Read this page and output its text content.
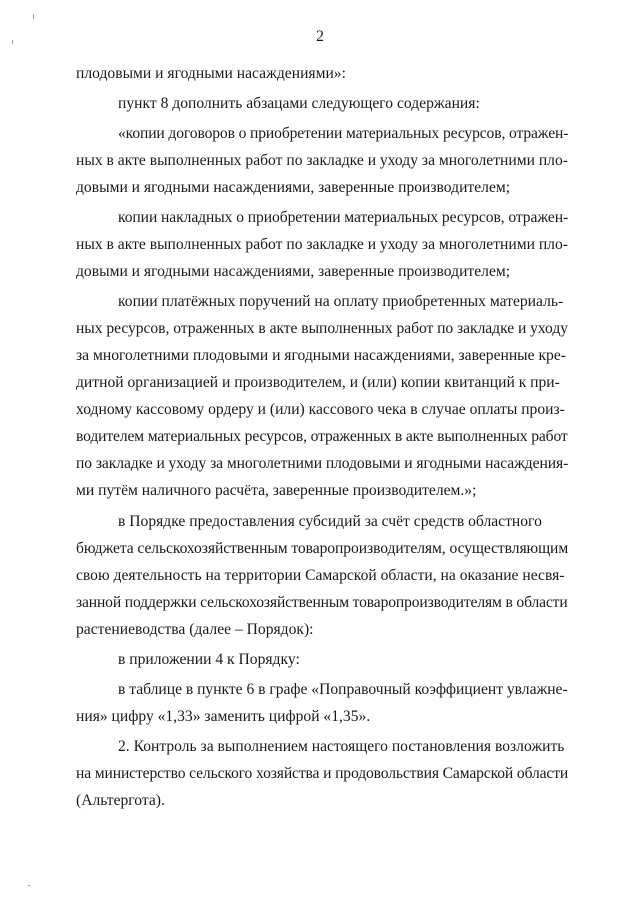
2

плодовыми и ягодными насаждениями»:

пункт 8 дополнить абзацами следующего содержания:

«копии договоров о приобретении материальных ресурсов, отражен-
ных в акте выполненных работ по закладке и уходу за многолетними пло-
довыми и ягодными насаждениями, заверенные производителем;

копии накладных о приобретении материальных ресурсов, отражен-
ных в акте выполненных работ по закладке и уходу за многолетними пло-
довыми и ягодными насаждениями, заверенные производителем;

копии платёжных поручений на оплату приобретенных материаль-
ных ресурсов, отраженных в акте выполненных работ по закладке и уходу
за многолетними плодовыми и ягодными насаждениями, заверенные кре-
дитной организацией и производителем, и (или) копии квитанций к при-
ходному кассовому ордеру и (или) кассового чека в случае оплаты произ-
водителем материальных ресурсов, отраженных в акте выполненных работ
по закладке и уходу за многолетними плодовыми и ягодными насаждения-
ми путём наличного расчёта, заверенные производителем.»;

в Порядке предоставления субсидий за счёт средств областного
бюджета сельскохозяйственным товаропроизводителям, осуществляющим
свою деятельность на территории Самарской области, на оказание несвя-
занной поддержки сельскохозяйственным товаропроизводителям в области
растениеводства (далее – Порядок):

в приложении 4 к Порядку:

в таблице в пункте 6 в графе «Поправочный коэффициент увлажне-
ния» цифру «1,33» заменить цифрой «1,35».

2. Контроль за выполнением настоящего постановления возложить
на министерство сельского хозяйства и продовольствия Самарской области
(Альтергота).
